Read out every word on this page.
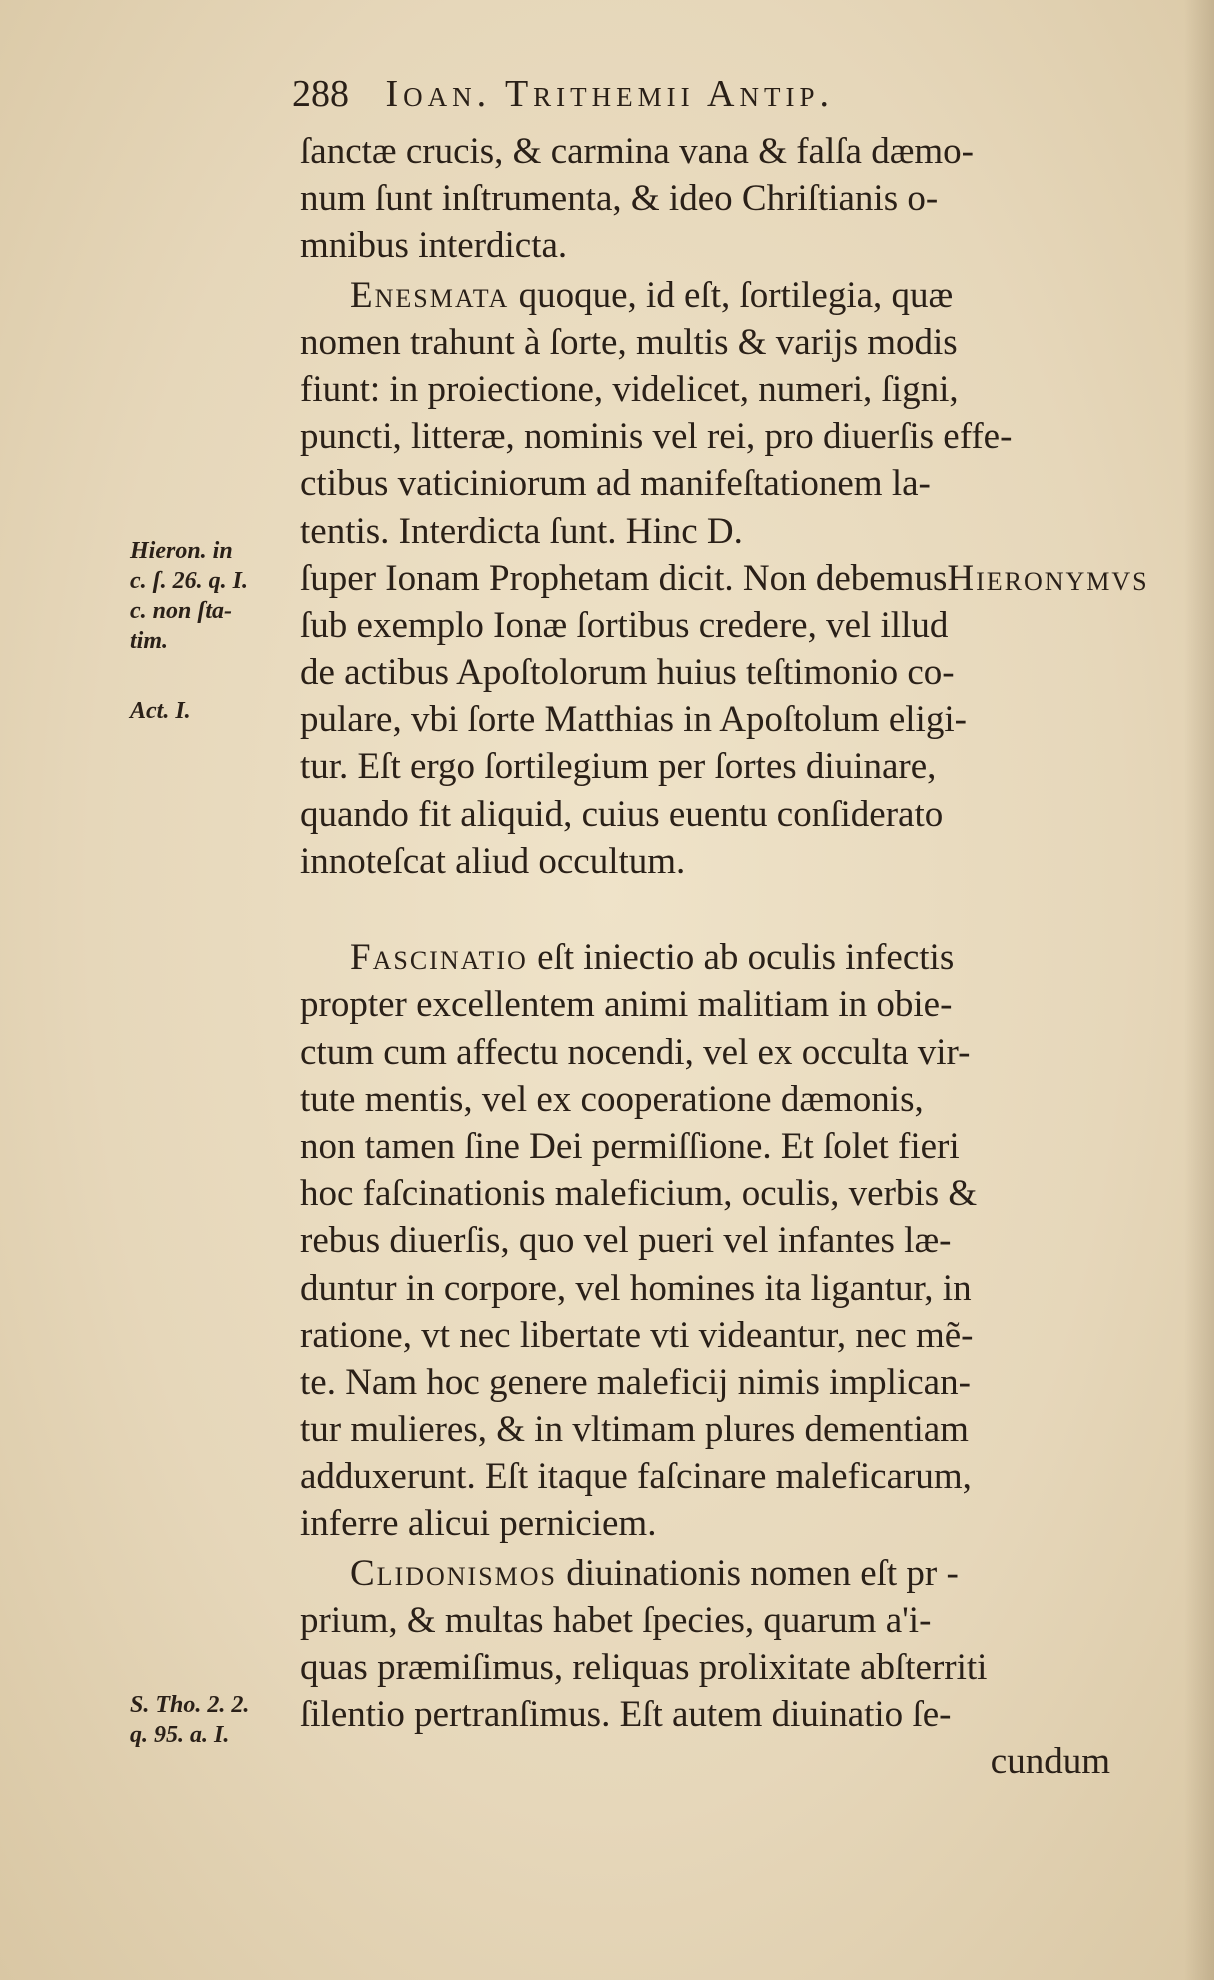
288 Ioan. Trithemii Antip.
Hieron. in
c. ſ. 26. q. I.
c. non ſta-
tim.
Act. I.
S. Tho. 2. 2.
q. 95. a. I.
ſanctæ crucis, & carmina vana & falſa dæmo-
num ſunt inſtrumenta, & ideo Chriſtianis o-
mnibus interdicta.
Enesmata quoque, id eſt, ſortilegia, quæ
nomen trahunt à ſorte, multis & varijs modis
fiunt: in proiectione, videlicet, numeri, ſigni,
puncti, litteræ, nominis vel rei, pro diuerſis effe-
ctibus vaticiniorum ad manifeſtationem la-
tentis. Interdicta ſunt. Hinc D.
ſuper Ionam Prophetam dicit. Non debemusHieronymvs
ſub exemplo Ionæ ſortibus credere, vel illud
de actibus Apoſtolorum huius teſtimonio co-
pulare, vbi ſorte Matthias in Apoſtolum eligi-
tur. Eſt ergo ſortilegium per ſortes diuinare,
quando fit aliquid, cuius euentu conſiderato
innoteſcat aliud occultum.
Fascinatio eſt iniectio ab oculis infectis
propter excellentem animi malitiam in obie-
ctum cum affectu nocendi, vel ex occulta vir-
tute mentis, vel ex cooperatione dæmonis,
non tamen ſine Dei permiſſione. Et ſolet fieri
hoc faſcinationis maleficium, oculis, verbis &
rebus diuerſis, quo vel pueri vel infantes læ-
duntur in corpore, vel homines ita ligantur, in
ratione, vt nec libertate vti videantur, nec mẽ-
te. Nam hoc genere maleficij nimis implican-
tur mulieres, & in vltimam plures dementiam
adduxerunt. Eſt itaque faſcinare maleficarum,
inferre alicui perniciem.
Clidonismos diuinationis nomen eſt pr -
prium, & multas habet ſpecies, quarum a'i-
quas præmiſimus, reliquas prolixitate abſterriti
ſilentio pertranſimus. Eſt autem diuinatio ſe-
cundum
